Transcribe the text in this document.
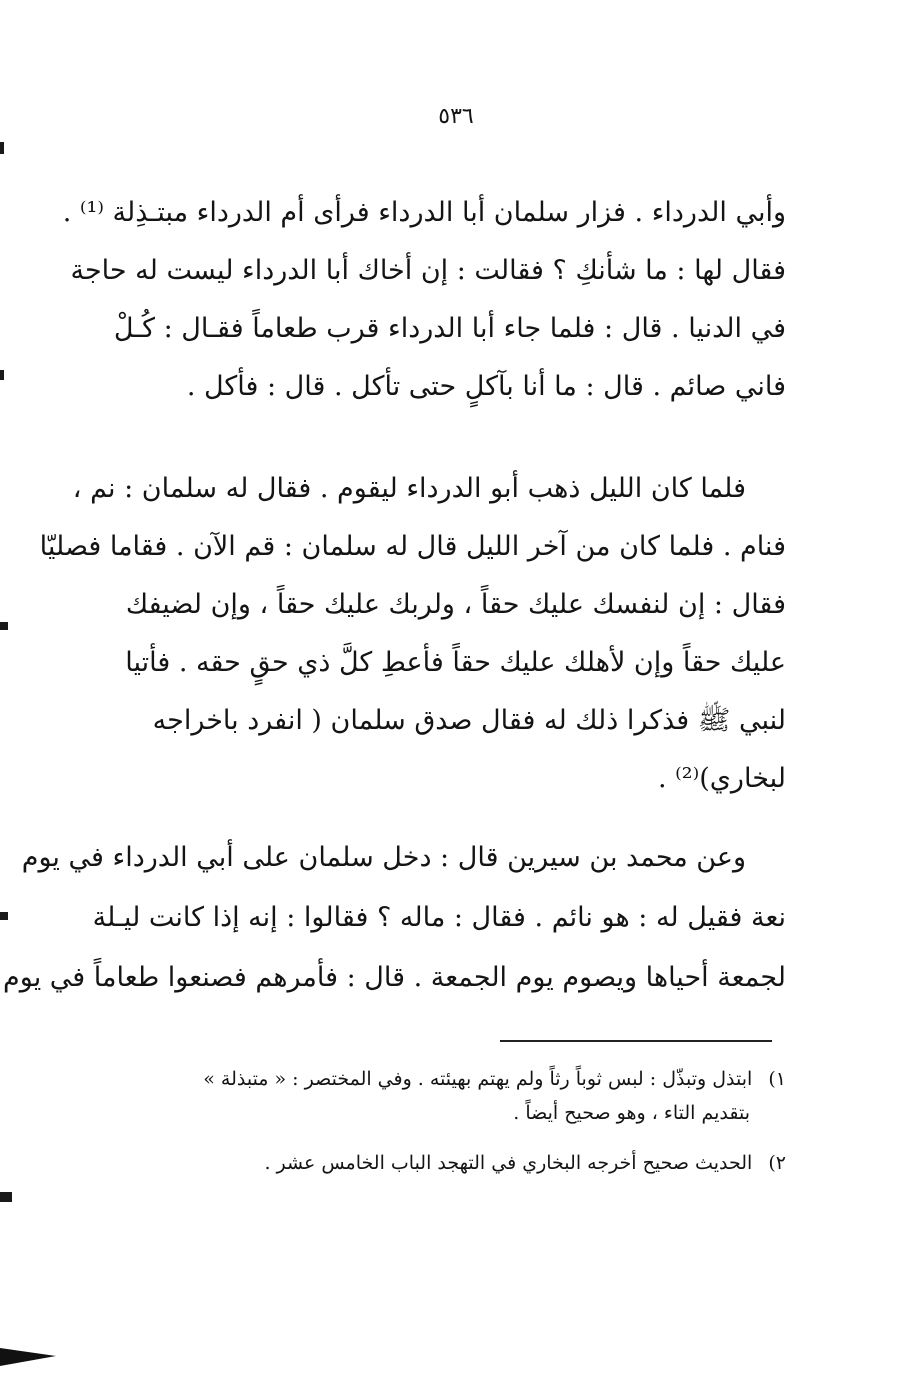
٥٣٦
وأبي الدرداء . فزار سلمان أبا الدرداء فرأى أم الدرداء مبتـذِلة ⁽¹⁾ .
فقال لها : ما شأنكِ ؟ فقالت : إن أخاك أبا الدرداء ليست له حاجة
في الدنيا . قال : فلما جاء أبا الدرداء قرب طعاماً فقـال : كُـلْ
فاني صائم . قال : ما أنا بآكلٍ حتى تأكل . قال : فأكل .
فلما كان الليل ذهب أبو الدرداء ليقوم . فقال له سلمان : نم ،
فنام . فلما كان من آخر الليل قال له سلمان : قم الآن . فقاما فصليّا
فقال : إن لنفسك عليك حقاً ، ولربك عليك حقاً ، وإن لضيفك
عليك حقاً وإن لأهلك عليك حقاً فأعطِ كلَّ ذي حقٍ حقه . فأتيا
لنبي ﷺ فذكرا ذلك له فقال صدق سلمان ( انفرد باخراجه
لبخاري)⁽²⁾ .
وعن محمد بن سيرين قال : دخل سلمان على أبي الدرداء في يوم
نعة فقيل له : هو نائم . فقال : ماله ؟ فقالوا : إنه إذا كانت ليـلة
لجمعة أحياها ويصوم يوم الجمعة . قال : فأمرهم فصنعوا طعاماً في يوم
١) ابتذل وتبذّل : لبس ثوباً رثاً ولم يهتم بهيئته . وفي المختصر : « متبذلة »
بتقديم التاء ، وهو صحيح أيضاً .
٢) الحديث صحيح أخرجه البخاري في التهجد الباب الخامس عشر .
